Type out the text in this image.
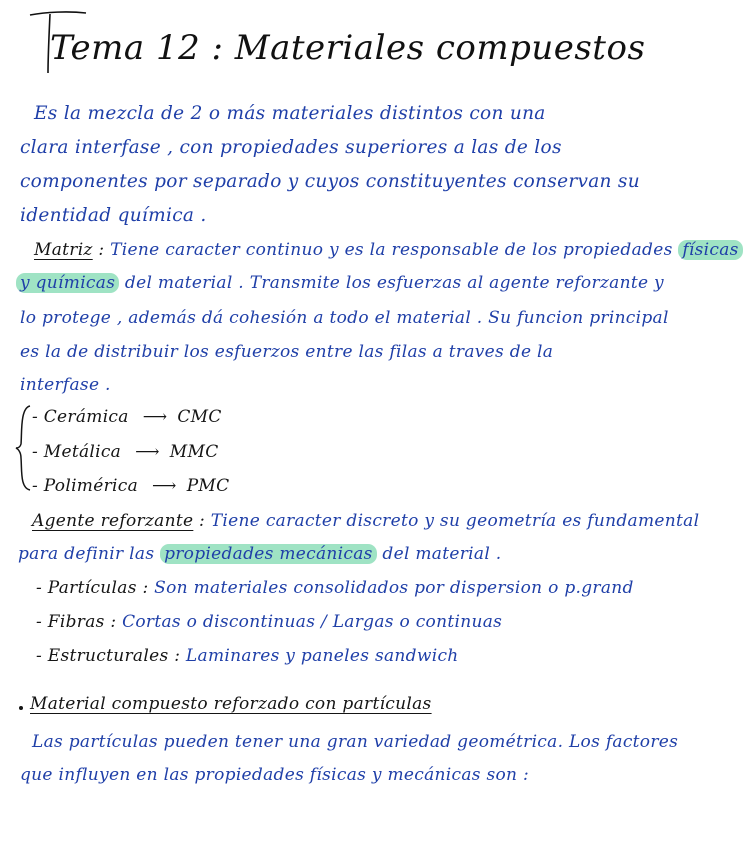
Tema 12 : Materiales compuestos
Es la mezcla de 2 o más materiales distintos con una
clara interfase , con propiedades superiores a las de los
componentes por separado y cuyos constituyentes conservan su
identidad química .
Matriz : Tiene caracter continuo y es la responsable de los propiedades físicas
y químicas del material . Transmite los esfuerzas al agente reforzante y
lo protege , además dá cohesión a todo el material . Su funcion principal
es la de distribuir los esfuerzos entre las filas a traves de la
interfase .
- Cerámica ⟶ CMC
- Metálica ⟶ MMC
- Polimérica ⟶ PMC
Agente reforzante : Tiene caracter discreto y su geometría es fundamental
para definir las propiedades mecánicas del material .
- Partículas : Son materiales consolidados por dispersion o p.grand
- Fibras : Cortas o discontinuas / Largas o continuas
- Estructurales : Laminares y paneles sandwich
Material compuesto reforzado con partículas
Las partículas pueden tener una gran variedad geométrica. Los factores
que influyen en las propiedades físicas y mecánicas son :
